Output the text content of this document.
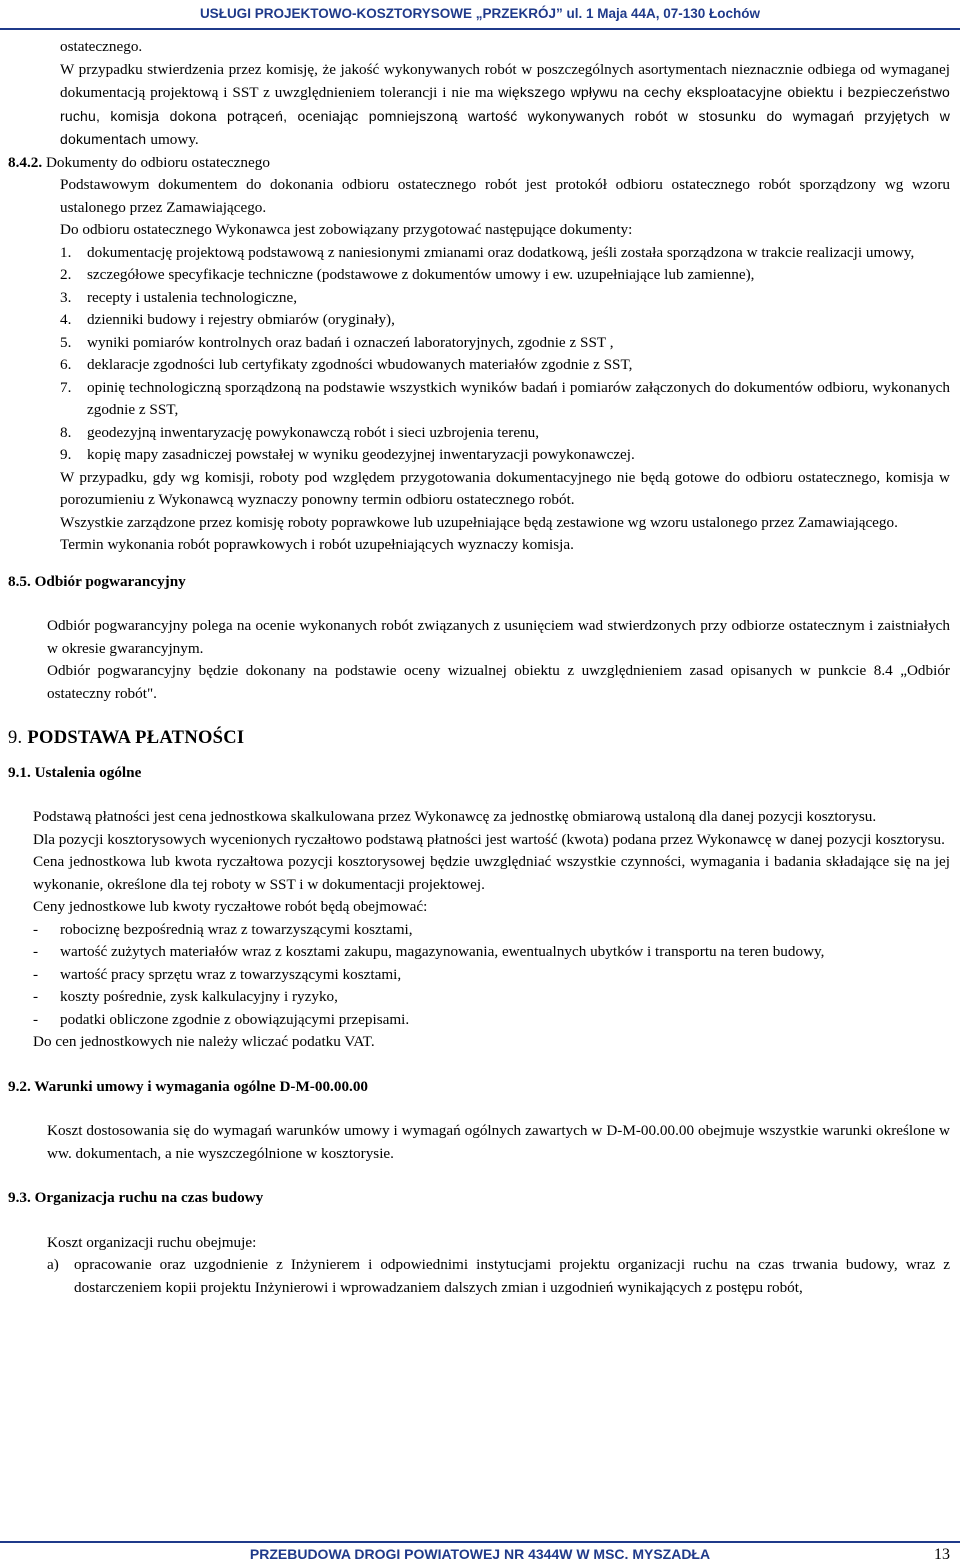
USŁUGI PROJEKTOWO-KOSZTORYSOWE „PRZEKRÓJ” ul. 1 Maja 44A, 07-130 Łochów

ostatecznego.

W przypadku stwierdzenia przez komisję, że jakość wykonywanych robót w poszczególnych asortymentach nieznacznie odbiega od wymaganej dokumentacją projektową i SST z uwzględnieniem tolerancji i nie ma większego wpływu na cechy eksploatacyjne obiektu i bezpieczeństwo ruchu, komisja dokona potrąceń, oceniając pomniejszoną wartość wykonywanych robót w stosunku do wymagań przyjętych w dokumentach umowy.

8.4.2. Dokumenty do odbioru ostatecznego

Podstawowym dokumentem do dokonania odbioru ostatecznego robót jest protokół odbioru ostatecznego robót sporządzony wg wzoru ustalonego przez Zamawiającego.

Do odbioru ostatecznego Wykonawca jest zobowiązany przygotować następujące dokumenty:

1. dokumentację projektową podstawową z naniesionymi zmianami oraz dodatkową, jeśli została sporządzona w trakcie realizacji umowy,

2. szczegółowe specyfikacje techniczne (podstawowe z dokumentów umowy i ew. uzupełniające lub zamienne),

3. recepty i ustalenia technologiczne,

4. dzienniki budowy i rejestry obmiarów (oryginały),

5. wyniki pomiarów kontrolnych oraz badań i oznaczeń laboratoryjnych, zgodnie z SST ,

6. deklaracje zgodności lub certyfikaty zgodności wbudowanych materiałów zgodnie z SST,

7. opinię technologiczną sporządzoną na podstawie wszystkich wyników badań i pomiarów załączonych do dokumentów odbioru, wykonanych zgodnie z SST,

8. geodezyjną inwentaryzację powykonawczą robót i sieci uzbrojenia terenu,

9. kopię mapy zasadniczej powstałej w wyniku geodezyjnej inwentaryzacji powykonawczej.

W przypadku, gdy wg komisji, roboty pod względem przygotowania dokumentacyjnego nie będą gotowe do odbioru ostatecznego, komisja w porozumieniu z Wykonawcą wyznaczy ponowny termin odbioru ostatecznego robót.

Wszystkie zarządzone przez komisję roboty poprawkowe lub uzupełniające będą zestawione wg wzoru ustalonego przez Zamawiającego.

Termin wykonania robót poprawkowych i robót uzupełniających wyznaczy komisja.

8.5. Odbiór pogwarancyjny

Odbiór pogwarancyjny polega na ocenie wykonanych robót związanych z usunięciem wad stwierdzonych przy odbiorze ostatecznym i zaistniałych w okresie gwarancyjnym.

Odbiór pogwarancyjny będzie dokonany na podstawie oceny wizualnej obiektu z uwzględnieniem zasad opisanych w punkcie 8.4 „Odbiór ostateczny robót".

9. PODSTAWA PŁATNOŚCI

9.1. Ustalenia ogólne

Podstawą płatności jest cena jednostkowa skalkulowana przez Wykonawcę za jednostkę obmiarową ustaloną dla danej pozycji kosztorysu.

Dla pozycji kosztorysowych wycenionych ryczałtowo podstawą płatności jest wartość (kwota) podana przez Wykonawcę w danej pozycji kosztorysu.

Cena jednostkowa lub kwota ryczałtowa pozycji kosztorysowej będzie uwzględniać wszystkie czynności, wymagania i badania składające się na jej wykonanie, określone dla tej roboty w SST i w dokumentacji projektowej.

Ceny jednostkowe lub kwoty ryczałtowe robót będą obejmować:

- robociznę bezpośrednią wraz z towarzyszącymi kosztami,

- wartość zużytych materiałów wraz z kosztami zakupu, magazynowania, ewentualnych ubytków i transportu na teren budowy,

- wartość pracy sprzętu wraz z towarzyszącymi kosztami,

- koszty pośrednie, zysk kalkulacyjny i ryzyko,

- podatki obliczone zgodnie z obowiązującymi przepisami.

Do cen jednostkowych nie należy wliczać podatku VAT.

9.2. Warunki umowy i wymagania ogólne D-M-00.00.00

Koszt dostosowania się do wymagań warunków umowy i wymagań ogólnych zawartych w D-M-00.00.00 obejmuje wszystkie warunki określone w ww. dokumentach, a nie wyszczególnione w kosztorysie.

9.3. Organizacja ruchu na czas budowy

Koszt organizacji ruchu obejmuje:

a) opracowanie oraz uzgodnienie z Inżynierem i odpowiednimi instytucjami projektu organizacji ruchu na czas trwania budowy, wraz z dostarczeniem kopii projektu Inżynierowi i wprowadzaniem dalszych zmian i uzgodnień wynikających z postępu robót,

PRZEBUDOWA DROGI POWIATOWEJ NR 4344W W MSC. MYSZADŁA	13
